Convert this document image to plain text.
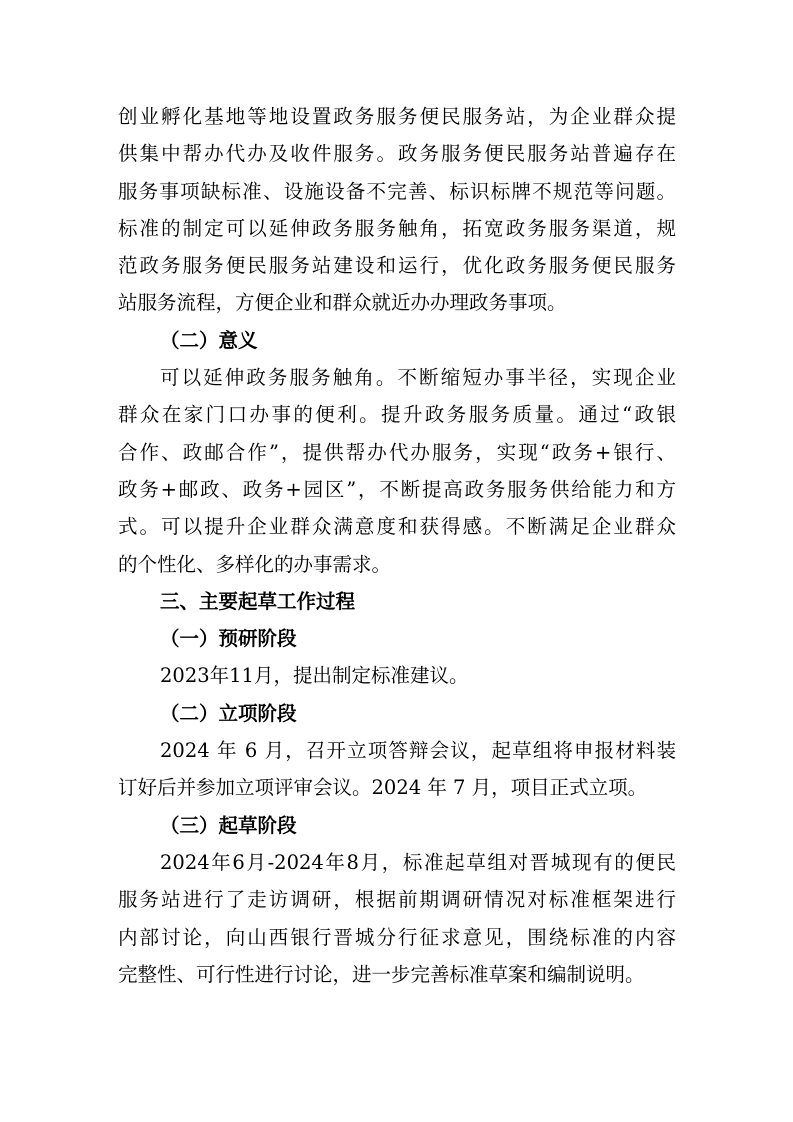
创业孵化基地等地设置政务服务便民服务站，为企业群众提
供集中帮办代办及收件服务。政务服务便民服务站普遍存在
服务事项缺标准、设施设备不完善、标识标牌不规范等问题。
标准的制定可以延伸政务服务触角，拓宽政务服务渠道，规
范政务服务便民服务站建设和运行，优化政务服务便民服务
站服务流程，方便企业和群众就近办办理政务事项。
（二）意义
可以延伸政务服务触角。不断缩短办事半径，实现企业
群众在家门口办事的便利。提升政务服务质量。通过“政银
合作、政邮合作”，提供帮办代办服务，实现“政务+银行、
政务+邮政、政务+园区”，不断提高政务服务供给能力和方
式。可以提升企业群众满意度和获得感。不断满足企业群众
的个性化、多样化的办事需求。
三、主要起草工作过程
（一）预研阶段
2023年11月，提出制定标准建议。
（二）立项阶段
2024 年 6 月，召开立项答辩会议，起草组将申报材料装
订好后并参加立项评审会议。2024 年 7 月，项目正式立项。
（三）起草阶段
2024年6月-2024年8月，标准起草组对晋城现有的便民
服务站进行了走访调研，根据前期调研情况对标准框架进行
内部讨论，向山西银行晋城分行征求意见，围绕标准的内容
完整性、可行性进行讨论，进一步完善标准草案和编制说明。
